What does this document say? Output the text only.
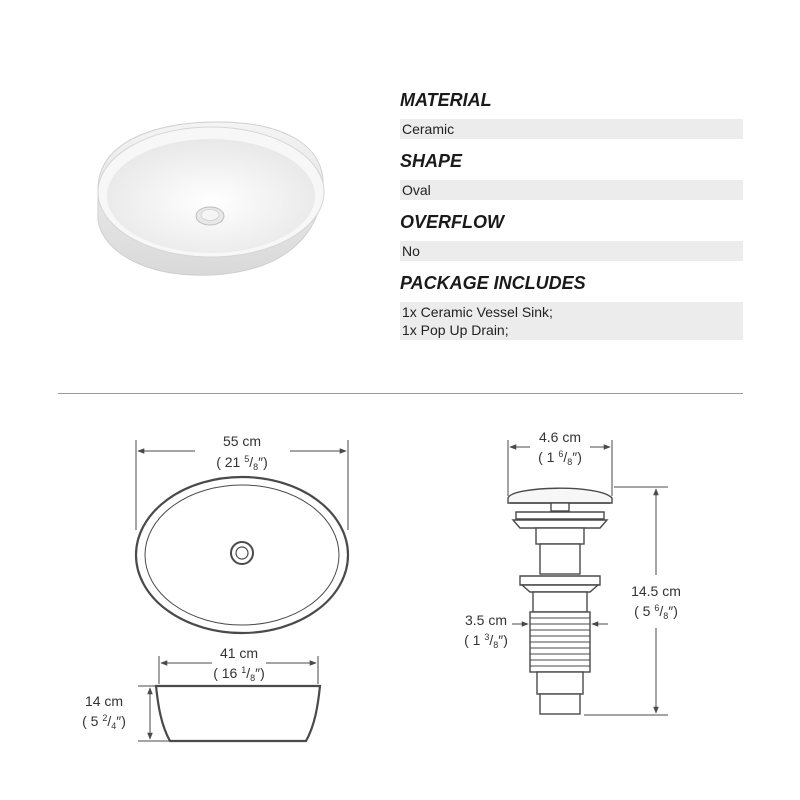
MATERIAL
Ceramic
SHAPE
Oval
OVERFLOW
No
PACKAGE INCLUDES
1x Ceramic Vessel Sink;
1x Pop Up Drain;
55 cm
( 21 $^5/_8''$)
41 cm
( 16 $^1/_8''$)
14 cm
( 5 $^2/_4''$)
4.6 cm
( 1 $^6/_8''$)
3.5 cm
( 1 $^3/_8''$)
14.5 cm
( 5 $^6/_8''$)
